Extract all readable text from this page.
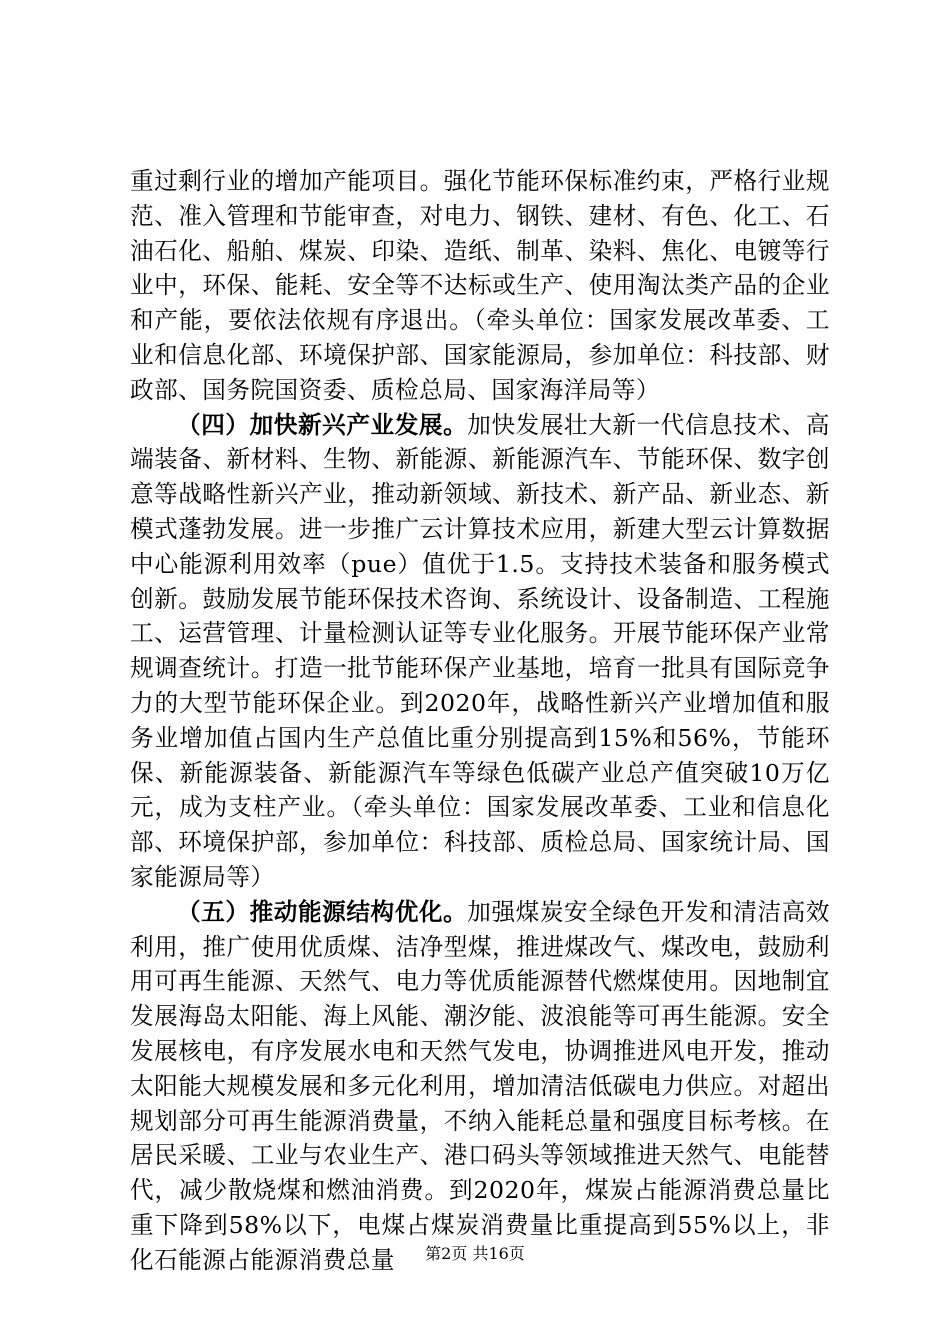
重过剩行业的增加产能项目。强化节能环保标准约束，严格行业规范、准入管理和节能审查，对电力、钢铁、建材、有色、化工、石油石化、船舶、煤炭、印染、造纸、制革、染料、焦化、电镀等行业中，环保、能耗、安全等不达标或生产、使用淘汰类产品的企业和产能，要依法依规有序退出。（牵头单位：国家发展改革委、工业和信息化部、环境保护部、国家能源局，参加单位：科技部、财政部、国务院国资委、质检总局、国家海洋局等）

（四）加快新兴产业发展。加快发展壮大新一代信息技术、高端装备、新材料、生物、新能源、新能源汽车、节能环保、数字创意等战略性新兴产业，推动新领域、新技术、新产品、新业态、新模式蓬勃发展。进一步推广云计算技术应用，新建大型云计算数据中心能源利用效率（pue）值优于1.5。支持技术装备和服务模式创新。鼓励发展节能环保技术咨询、系统设计、设备制造、工程施工、运营管理、计量检测认证等专业化服务。开展节能环保产业常规调查统计。打造一批节能环保产业基地，培育一批具有国际竞争力的大型节能环保企业。到2020年，战略性新兴产业增加值和服务业增加值占国内生产总值比重分别提高到15%和56%，节能环保、新能源装备、新能源汽车等绿色低碳产业总产值突破10万亿元，成为支柱产业。（牵头单位：国家发展改革委、工业和信息化部、环境保护部，参加单位：科技部、质检总局、国家统计局、国家能源局等）

（五）推动能源结构优化。加强煤炭安全绿色开发和清洁高效利用，推广使用优质煤、洁净型煤，推进煤改气、煤改电，鼓励利用可再生能源、天然气、电力等优质能源替代燃煤使用。因地制宜发展海岛太阳能、海上风能、潮汐能、波浪能等可再生能源。安全发展核电，有序发展水电和天然气发电，协调推进风电开发，推动太阳能大规模发展和多元化利用，增加清洁低碳电力供应。对超出规划部分可再生能源消费量，不纳入能耗总量和强度目标考核。在居民采暖、工业与农业生产、港口码头等领域推进天然气、电能替代，减少散烧煤和燃油消费。到2020年，煤炭占能源消费总量比重下降到58%以下，电煤占煤炭消费量比重提高到55%以上，非化石能源占能源消费总量	第2页 共16页
